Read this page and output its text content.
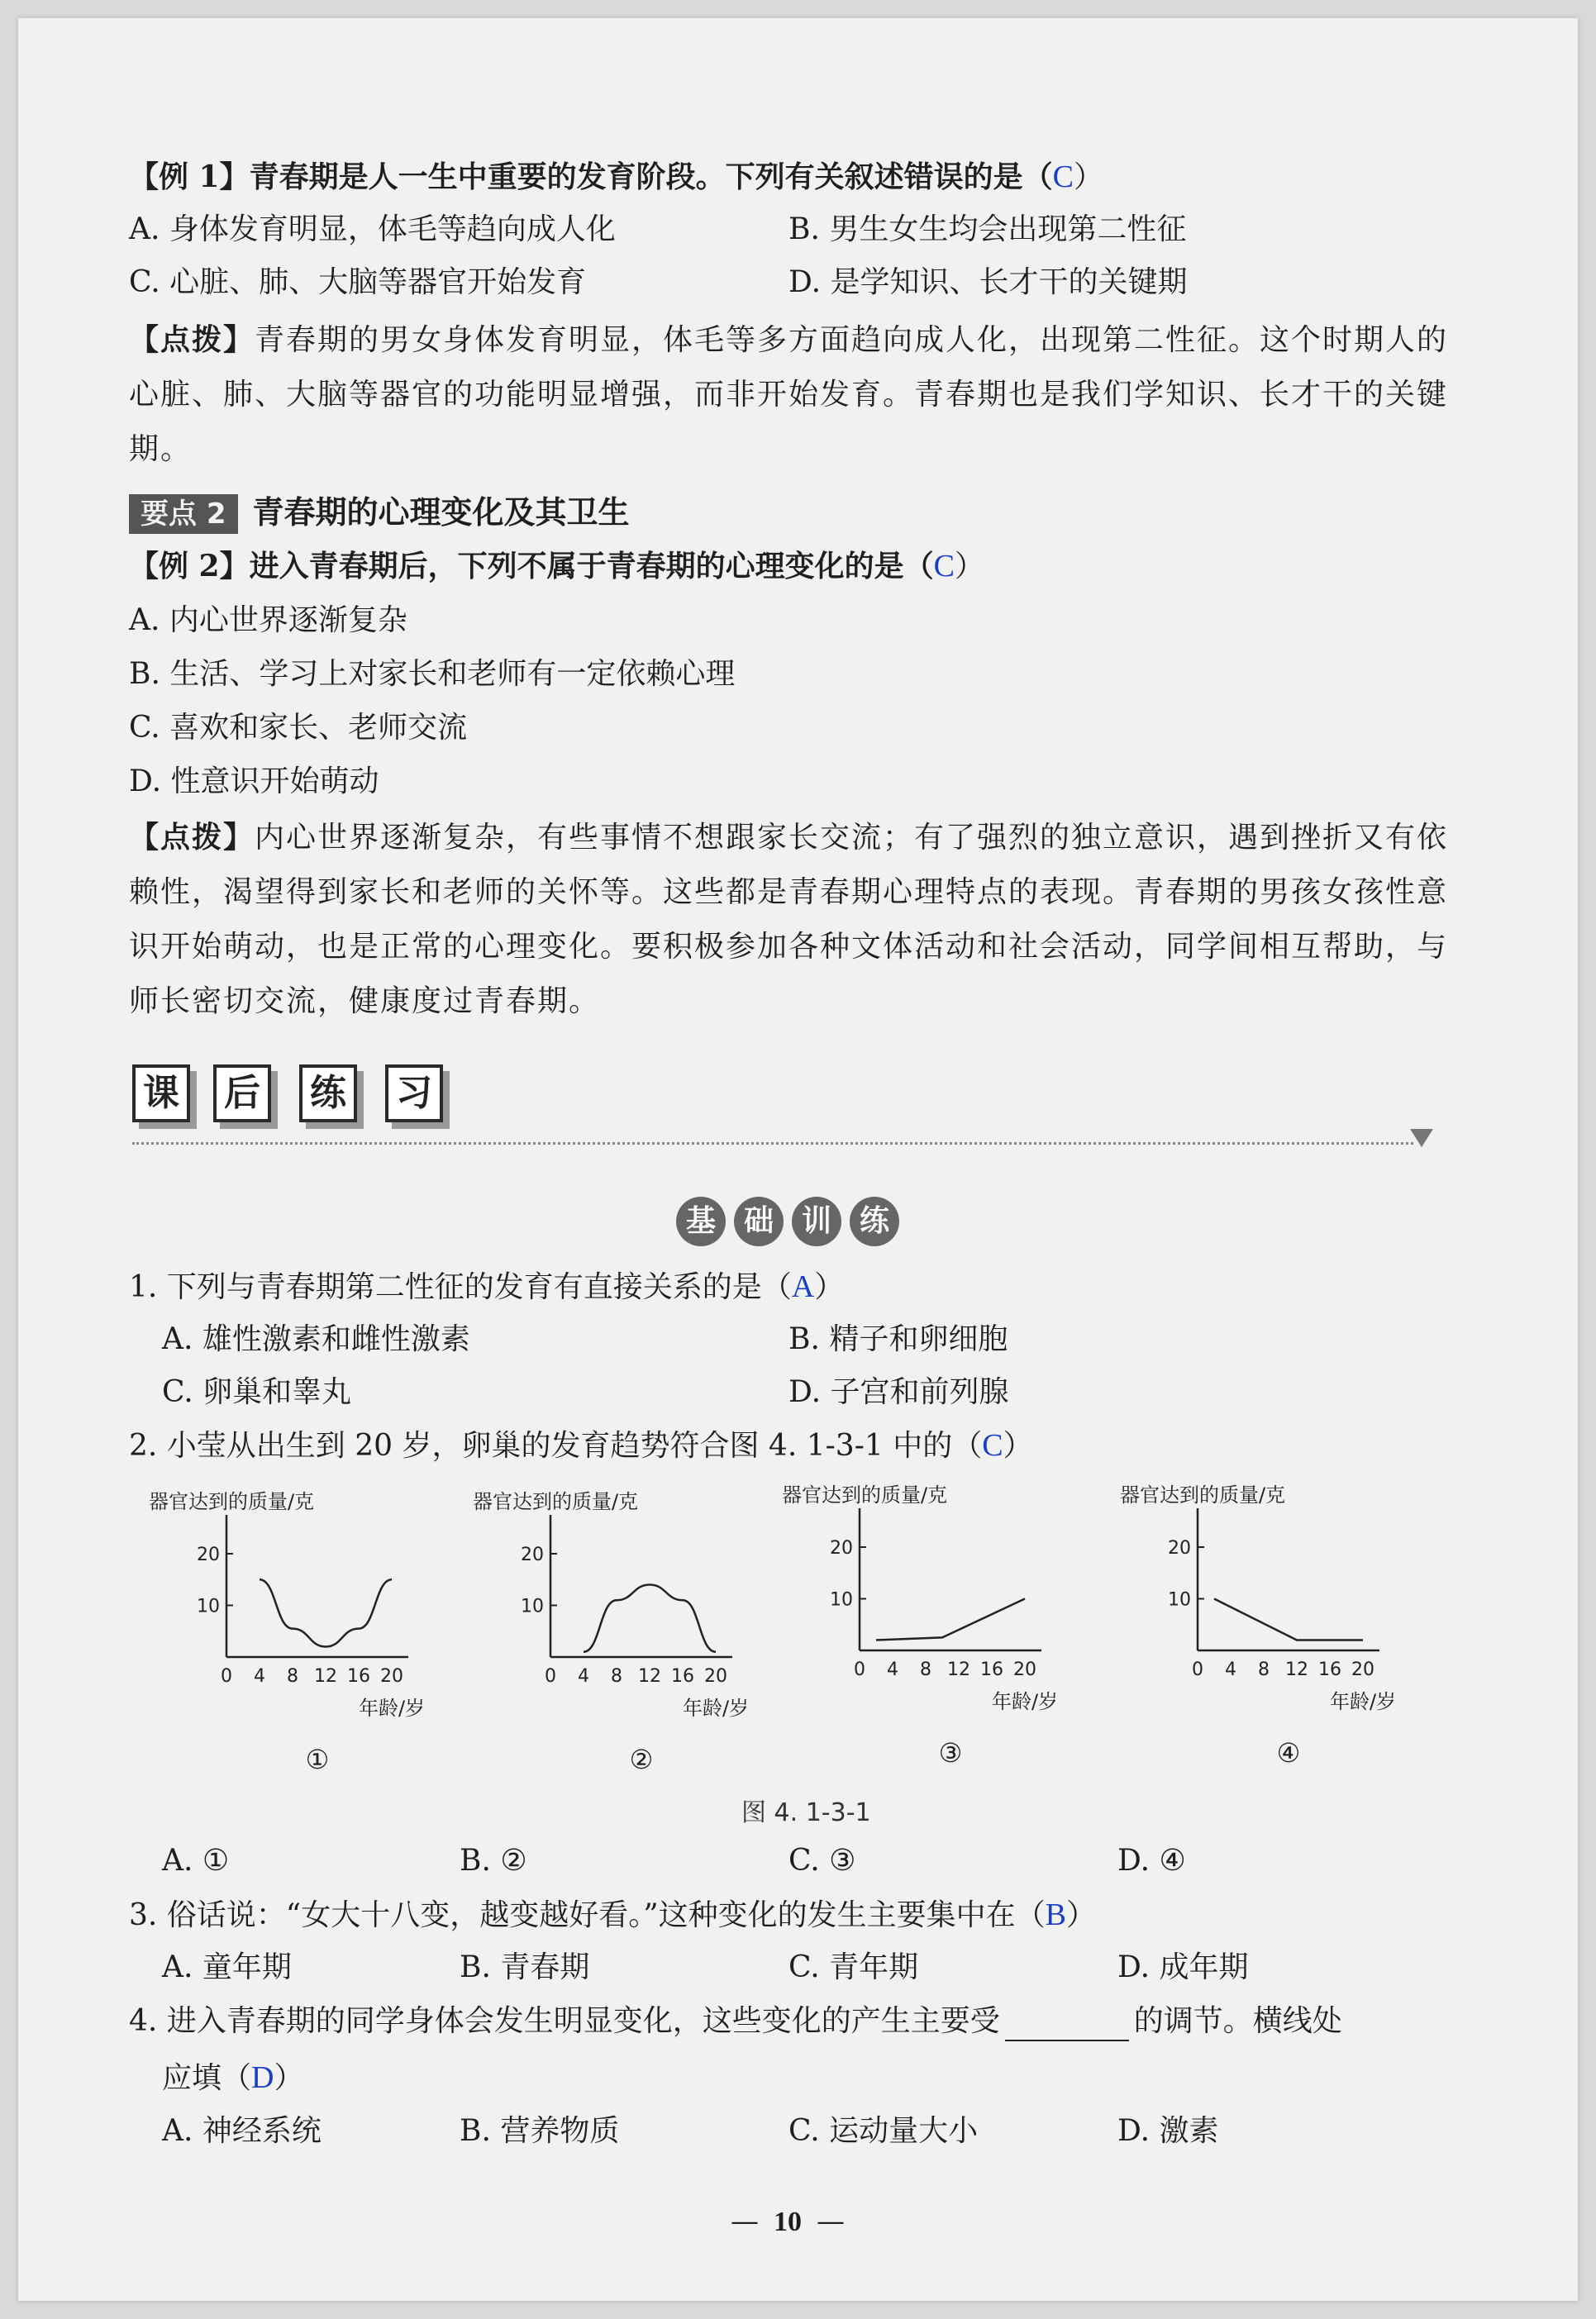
【例 1】青春期是人一生中重要的发育阶段。下列有关叙述错误的是（C）
A. 身体发育明显，体毛等趋向成人化	B. 男生女生均会出现第二性征
C. 心脏、肺、大脑等器官开始发育	D. 是学知识、长才干的关键期
【点拨】青春期的男女身体发育明显，体毛等多方面趋向成人化，出现第二性征。这个时期人的心脏、肺、大脑等器官的功能明显增强，而非开始发育。青春期也是我们学知识、长才干的关键期。
要点 2 青春期的心理变化及其卫生
【例 2】进入青春期后，下列不属于青春期的心理变化的是（C）
A. 内心世界逐渐复杂
B. 生活、学习上对家长和老师有一定依赖心理
C. 喜欢和家长、老师交流
D. 性意识开始萌动
【点拨】内心世界逐渐复杂，有些事情不想跟家长交流；有了强烈的独立意识，遇到挫折又有依赖性，渴望得到家长和老师的关怀等。这些都是青春期心理特点的表现。青春期的男孩女孩性意识开始萌动，也是正常的心理变化。要积极参加各种文体活动和社会活动，同学间相互帮助，与师长密切交流，健康度过青春期。
课 后 练 习
基 础 训 练
1. 下列与青春期第二性征的发育有直接关系的是（A）
A. 雄性激素和雌性激素	B. 精子和卵细胞
C. 卵巢和睾丸	D. 子宫和前列腺
2. 小莹从出生到 20 岁，卵巢的发育趋势符合图 4. 1-3-1 中的（C）
器官达到的质量/克
10
20
0 4 8 12 16 20
年龄/岁
①
器官达到的质量/克
10
20
0 4 8 12 16 20
年龄/岁
②
器官达到的质量/克
10
20
0 4 8 12 16 20
年龄/岁
③
器官达到的质量/克
10
20
0 4 8 12 16 20
年龄/岁
④
图 4. 1-3-1
A. ①	B. ②	C. ③	D. ④
3. 俗话说：“女大十八变，越变越好看。”这种变化的发生主要集中在（B）
A. 童年期	B. 青春期	C. 青年期	D. 成年期
4. 进入青春期的同学身体会发生明显变化，这些变化的产生主要受	的调节。横线处
应填（D）
A. 神经系统	B. 营养物质	C. 运动量大小	D. 激素
— 10 —
